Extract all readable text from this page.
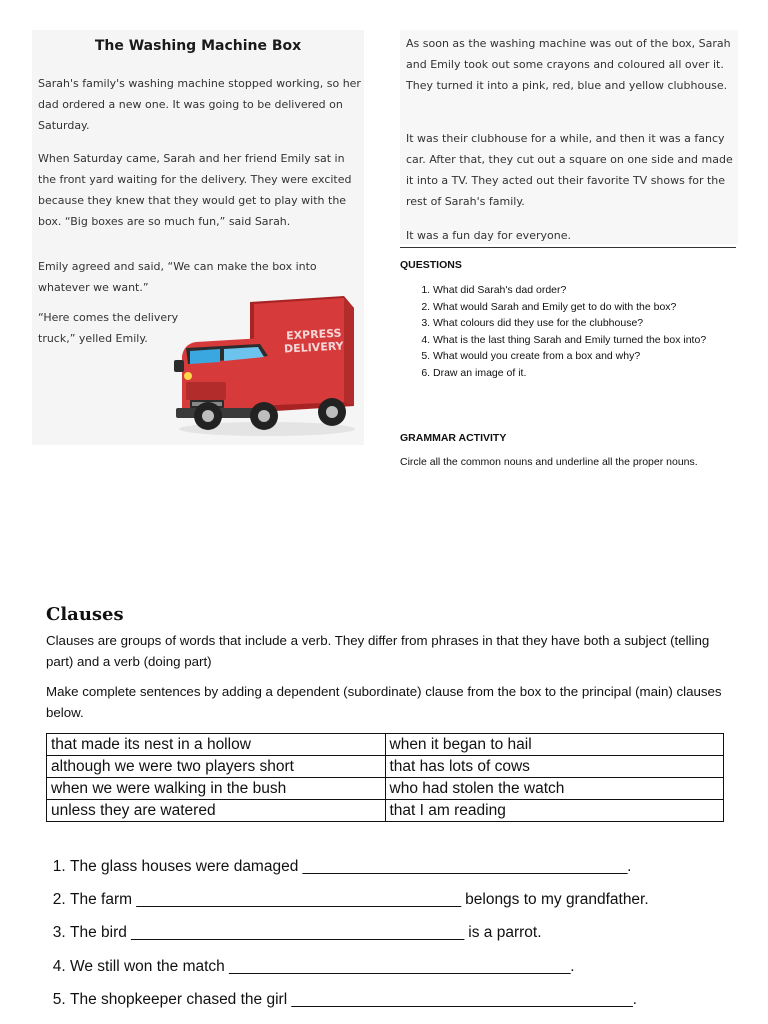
The Washing Machine Box
Sarah's family's washing machine stopped working, so her dad ordered a new one. It was going to be delivered on Saturday.
When Saturday came, Sarah and her friend Emily sat in the front yard waiting for the delivery. They were excited because they knew that they would get to play with the box. “Big boxes are so much fun,” said Sarah.
Emily agreed and said, “We can make the box into whatever we want.”
“Here comes the delivery truck,” yelled Emily.	EXPRESS
DELIVERY
As soon as the washing machine was out of the box, Sarah and Emily took out some crayons and coloured all over it. They turned it into a pink, red, blue and yellow clubhouse.
It was their clubhouse for a while, and then it was a fancy car. After that, they cut out a square on one side and made it into a TV. They acted out their favorite TV shows for the rest of Sarah's family.
It was a fun day for everyone.
QUESTIONS
1. What did Sarah's dad order?
2. What would Sarah and Emily get to do with the box?
3. What colours did they use for the clubhouse?
4. What is the last thing Sarah and Emily turned the box into?
5. What would you create from a box and why?
6. Draw an image of it.
GRAMMAR ACTIVITY
Circle all the common nouns and underline all the proper nouns.
Clauses
Clauses are groups of words that include a verb. They differ from phrases in that they have both a subject (telling part) and a verb (doing part)
Make complete sentences by adding a dependent (subordinate) clause from the box to the principal (main) clauses below.
that made its nest in a hollow	when it began to hail
although we were two players short	that has lots of cows
when we were walking in the bush	who had stolen the watch
unless they are watered	that I am reading
1. The glass houses were damaged _______________________________________.
2. The farm _______________________________________ belongs to my grandfather.
3. The bird ________________________________________ is a parrot.
4. We still won the match _________________________________________.
5. The shopkeeper chased the girl _________________________________________.
